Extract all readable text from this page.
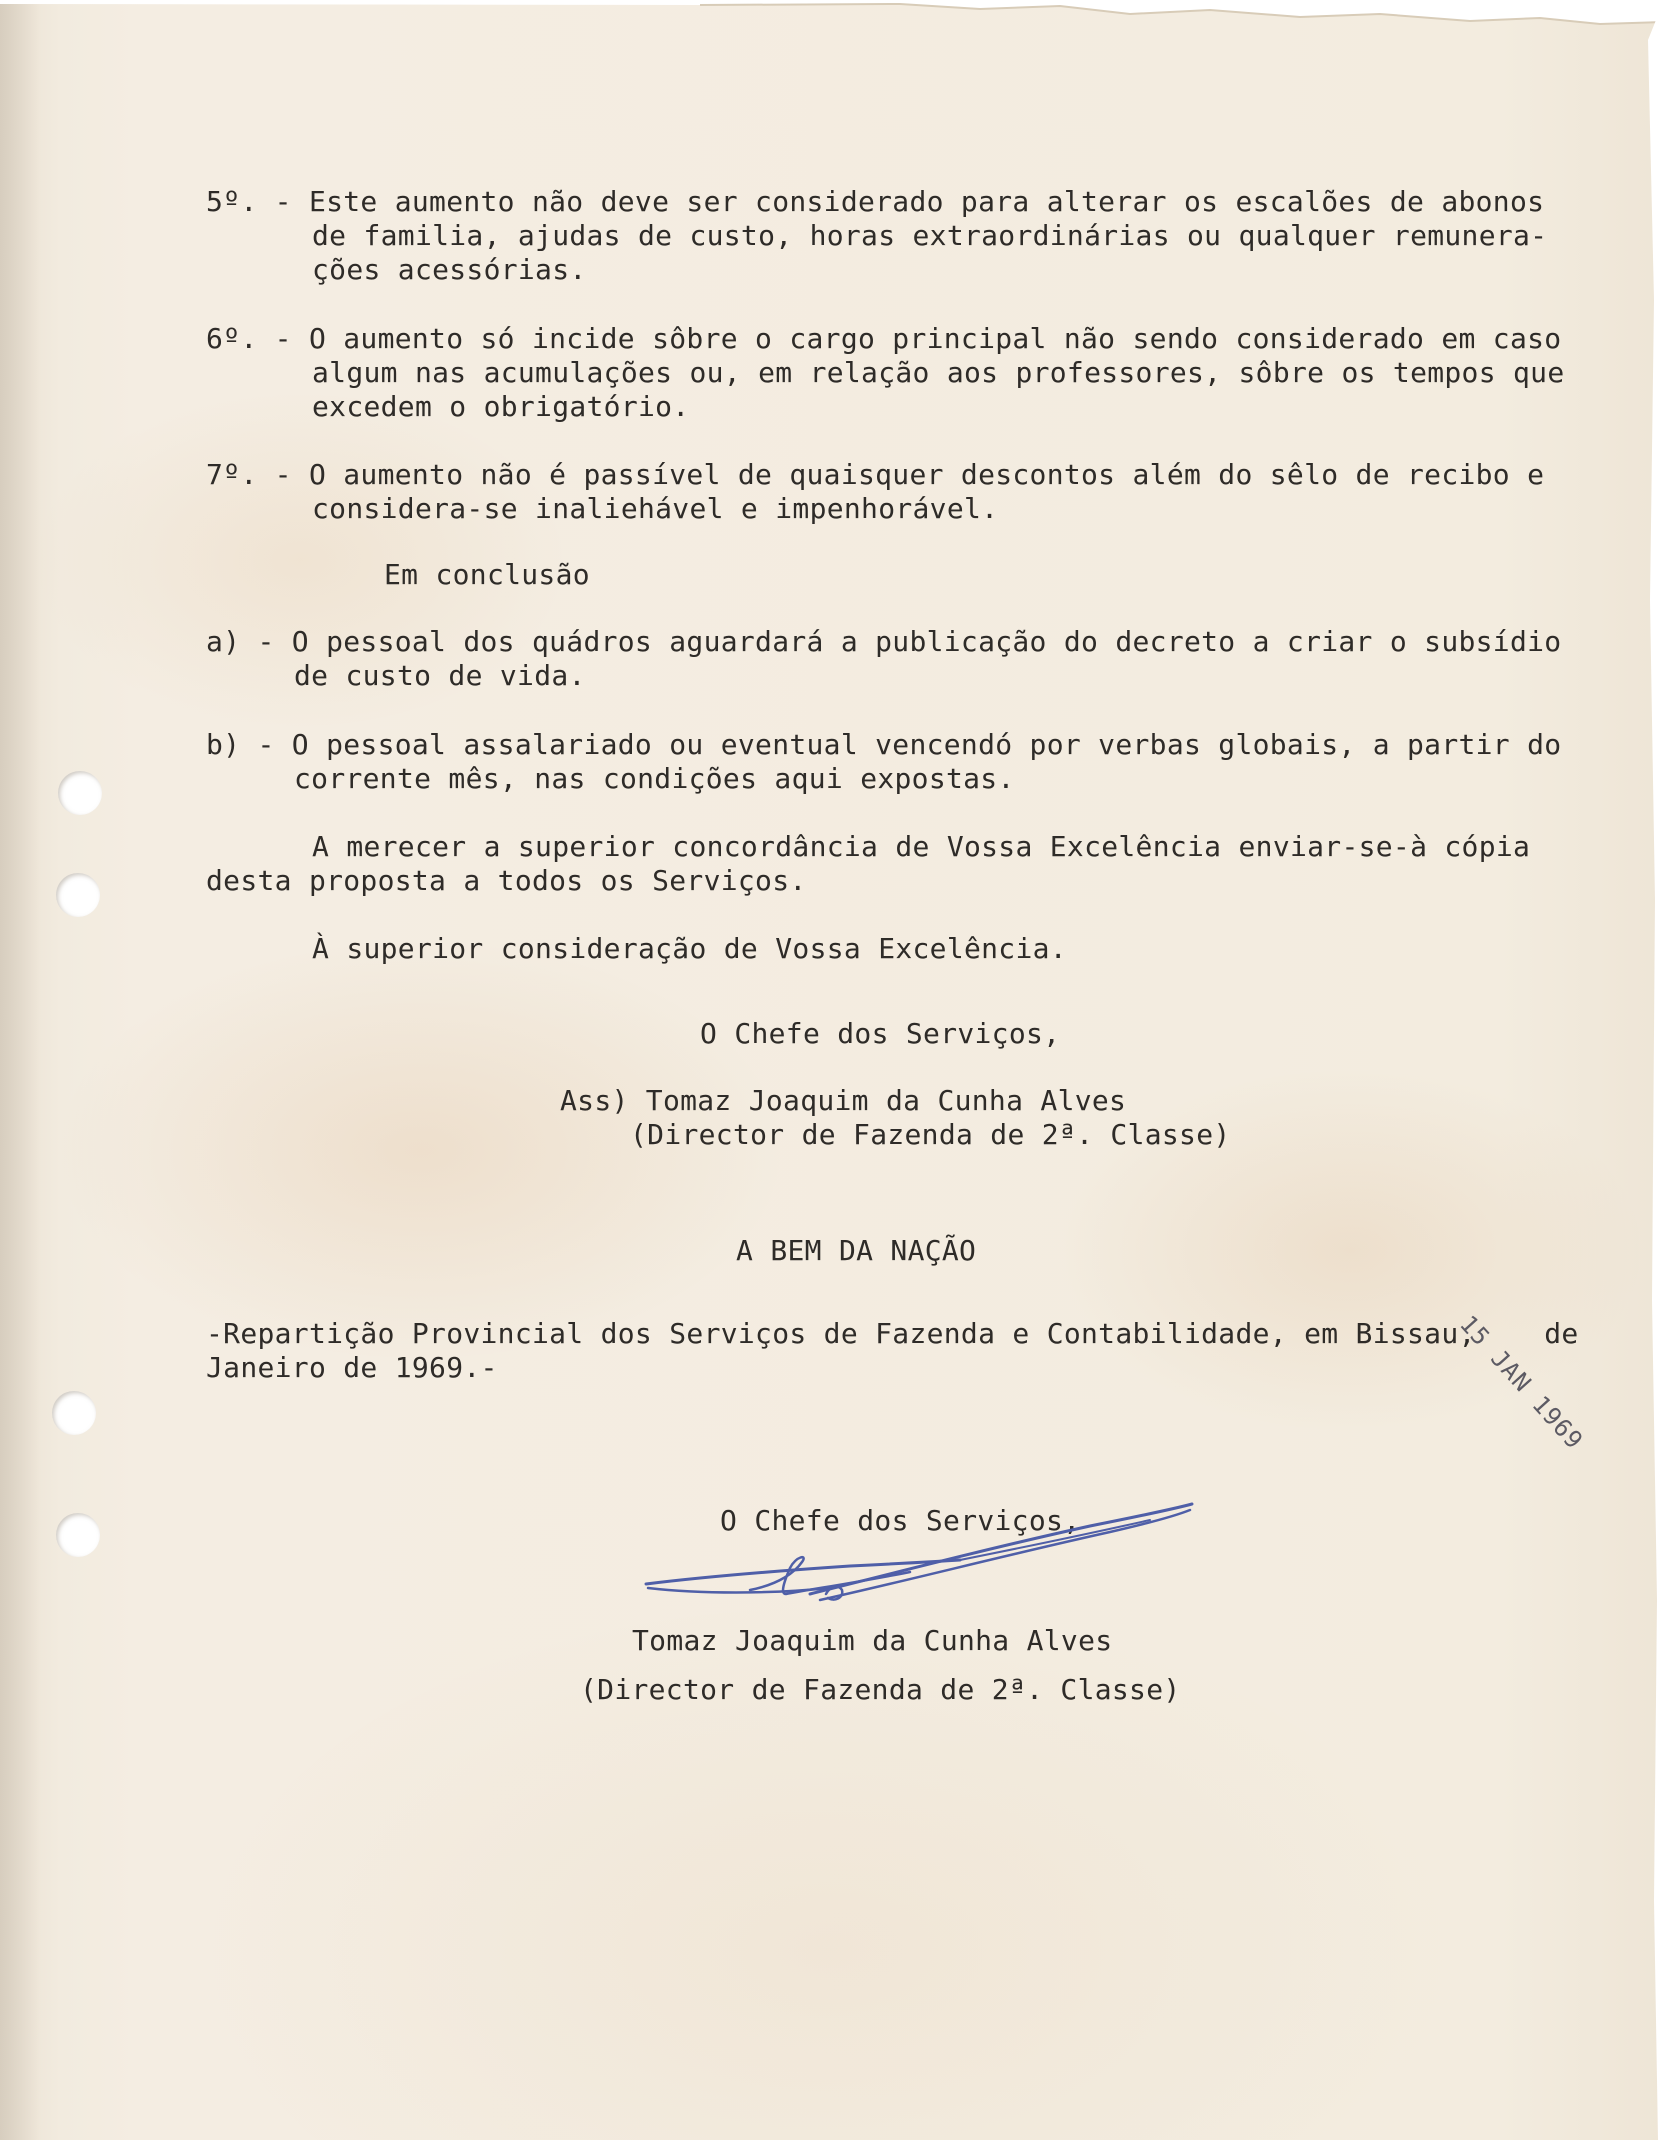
5º. - Este aumento não deve ser considerado para alterar os escalões de abonos

de familia, ajudas de custo, horas extraordinárias ou qualquer remunera-

ções acessórias.

6º. - O aumento só incide sôbre o cargo principal não sendo considerado em caso

algum nas acumulações ou, em relação aos professores, sôbre os tempos que

excedem o obrigatório.

7º. - O aumento não é passível de quaisquer descontos além do sêlo de recibo e

considera-se inaliehável e impenhorável.

Em conclusão

a) - O pessoal dos quádros aguardará a publicação do decreto a criar o subsídio

de custo de vida.

b) - O pessoal assalariado ou eventual vencendó por verbas globais, a partir do

corrente mês, nas condições aqui expostas.

A merecer a superior concordância de Vossa Excelência enviar-se-à cópia

desta proposta a todos os Serviços.

À superior consideração de Vossa Excelência.

O Chefe dos Serviços,

Ass) Tomaz Joaquim da Cunha Alves

(Director de Fazenda de 2ª. Classe)

A BEM DA NAÇÃO

-Repartição Provincial dos Serviços de Fazenda e Contabilidade, em Bissau,    de

Janeiro de 1969.-	15 JAN 1969

O Chefe dos Serviços,

Tomaz Joaquim da Cunha Alves

(Director de Fazenda de 2ª. Classe)
